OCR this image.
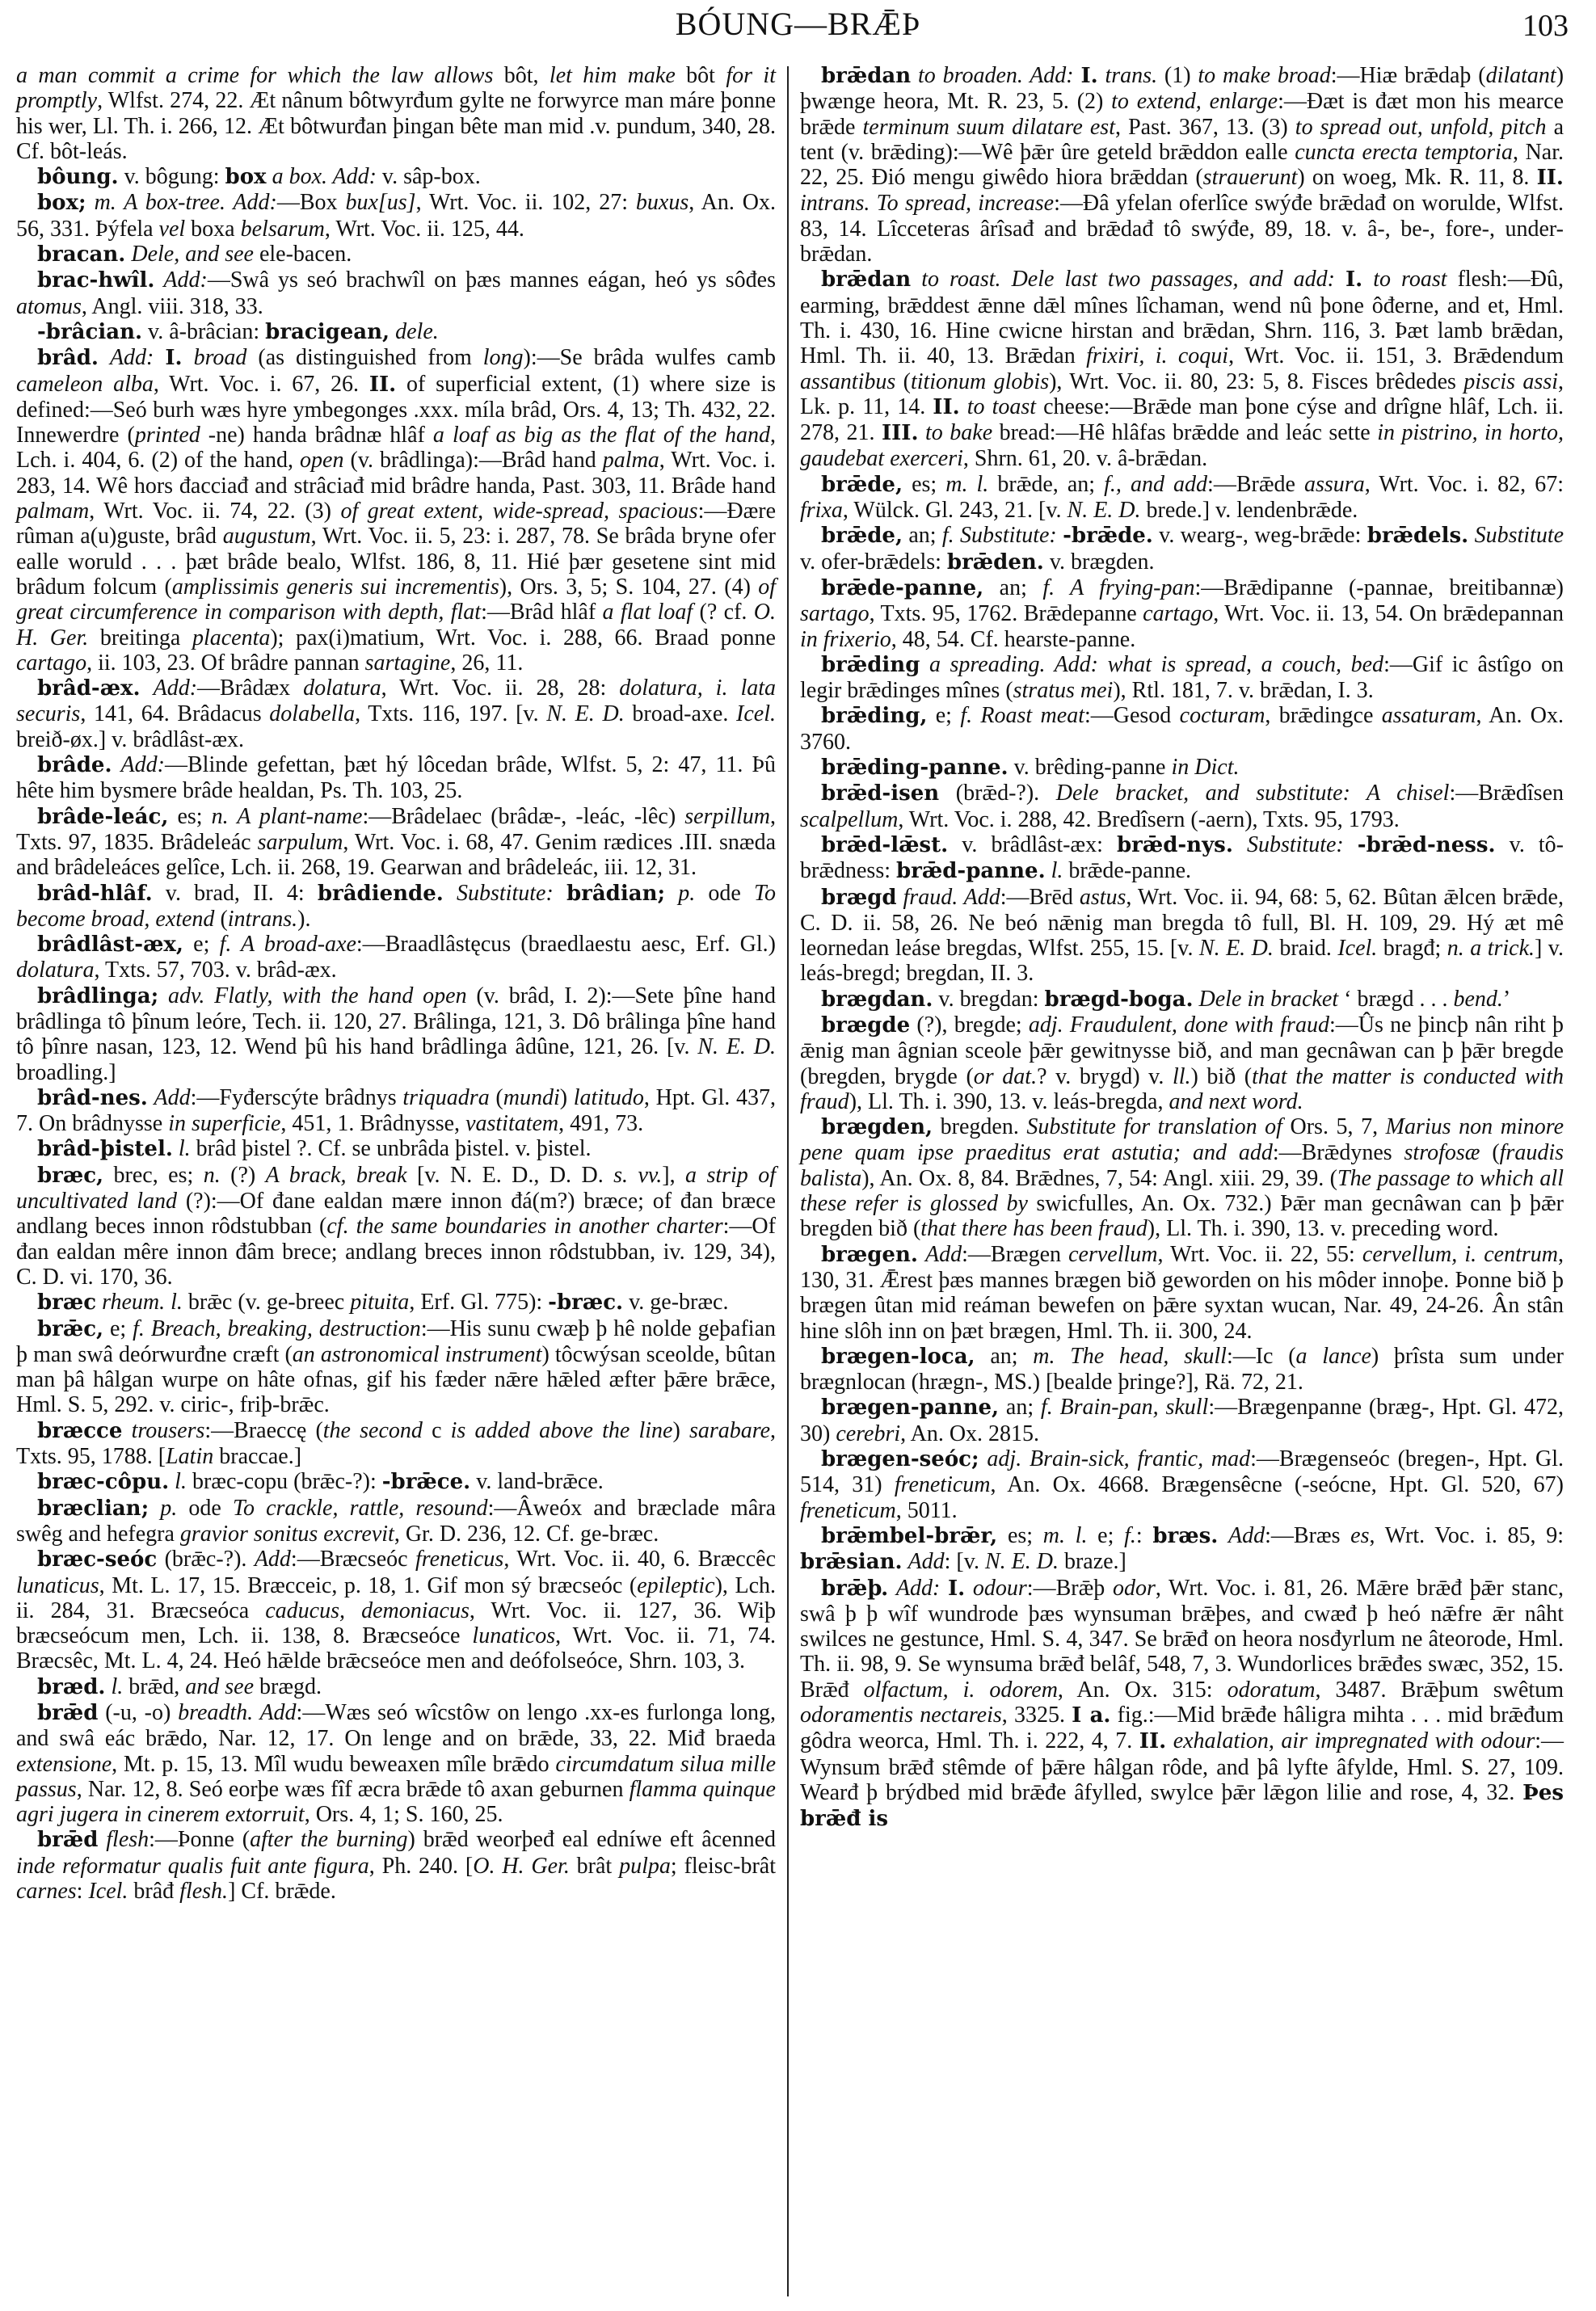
BÓUNG—BRǢÞ	103

a man commit a crime for which the law allows bôt, let him make bôt for it promptly, Wlfst. 274, 22. Æt nânum bôtwyrđum gylte ne forwyrce man máre þonne his wer, Ll. Th. i. 266, 12. Æt bôtwurđan þingan bête man mid .v. pundum, 340, 28. Cf. bôt-leás.

bôung. v. bôgung: box a box. Add: v. sâp-box.

box; m. A box-tree. Add:—Box bux[us], Wrt. Voc. ii. 102, 27: buxus, An. Ox. 56, 331. Þýfela vel boxa belsarum, Wrt. Voc. ii. 125, 44.

bracan. Dele, and see ele-bacen.

brac-hwîl. Add:—Swâ ys seó brachwîl on þæs mannes eágan, heó ys sôđes atomus, Angl. viii. 318, 33.

-brâcian. v. â-brâcian: bracigean, dele.

brâd. Add: I. broad (as distinguished from long):—Se brâda wulfes camb cameleon alba, Wrt. Voc. i. 67, 26. II. of superficial extent, (1) where size is defined:—Seó burh wæs hyre ymbegonges .xxx. míla brâd, Ors. 4, 13; Th. 432, 22. Innewerdre (printed -ne) handa brâdnæ hlâf a loaf as big as the flat of the hand, Lch. i. 404, 6. (2) of the hand, open (v. brâdlinga):—Brâd hand palma, Wrt. Voc. i. 283, 14. Wê hors đacciađ and strâciađ mid brâdre handa, Past. 303, 11. Brâde hand palmam, Wrt. Voc. ii. 74, 22. (3) of great extent, wide-spread, spacious:—Đære rûman a(u)guste, brâd augustum, Wrt. Voc. ii. 5, 23: i. 287, 78. Se brâda bryne ofer ealle woruld . . . þæt brâde bealo, Wlfst. 186, 8, 11. Hié þær gesetene sint mid brâdum folcum (amplissimis generis sui incrementis), Ors. 3, 5; S. 104, 27. (4) of great circumference in comparison with depth, flat:—Brâd hlâf a flat loaf (? cf. O. H. Ger. breitinga placenta); pax(i)matium, Wrt. Voc. i. 288, 66. Braad ponne cartago, ii. 103, 23. Of brâdre pannan sartagine, 26, 11.

brâd-æx. Add:—Brâdæx dolatura, Wrt. Voc. ii. 28, 28: dolatura, i. lata securis, 141, 64. Brâdacus dolabella, Txts. 116, 197. [v. N. E. D. broad-axe. Icel. breið-øx.] v. brâdlâst-æx.

brâde. Add:—Blinde gefettan, þæt hý lôcedan brâde, Wlfst. 5, 2: 47, 11. Þû hête him bysmere brâde healdan, Ps. Th. 103, 25.

brâde-leác, es; n. A plant-name:—Brâdelaec (brâdæ-, -leác, -lêc) serpillum, Txts. 97, 1835. Brâdeleác sarpulum, Wrt. Voc. i. 68, 47. Genim rædices .III. snæda and brâdeleáces gelîce, Lch. ii. 268, 19. Gearwan and brâdeleác, iii. 12, 31.

brâd-hlâf. v. brad, II. 4: brâdiende. Substitute: brâdian; p. ode To become broad, extend (intrans.).

brâdlâst-æx, e; f. A broad-axe:—Braadlâstęcus (braedlaestu aesc, Erf. Gl.) dolatura, Txts. 57, 703. v. brâd-æx.

brâdlinga; adv. Flatly, with the hand open (v. brâd, I. 2):—Sete þîne hand brâdlinga tô þînum leóre, Tech. ii. 120, 27. Brâlinga, 121, 3. Dô brâlinga þîne hand tô þînre nasan, 123, 12. Wend þû his hand brâdlinga âdûne, 121, 26. [v. N. E. D. broadling.]

brâd-nes. Add:—Fyđerscýte brâdnys triquadra (mundi) latitudo, Hpt. Gl. 437, 7. On brâdnysse in superficie, 451, 1. Brâdnysse, vastitatem, 491, 73.

brâd-þistel. l. brâd þistel ?. Cf. se unbrâda þistel. v. þistel.

bræc, brec, es; n. (?) A brack, break [v. N. E. D., D. D. s. vv.], a strip of uncultivated land (?):—Of đane ealdan mære innon đá(m?) bræce; of đan bræce andlang beces innon rôdstubban (cf. the same boundaries in another charter:—Of đan ealdan mêre innon đâm brece; andlang breces innon rôdstubban, iv. 129, 34), C. D. vi. 170, 36.

bræc rheum. l. brǣc (v. ge-breec pituita, Erf. Gl. 775): -bræc. v. ge-bræc.

brǣc, e; f. Breach, breaking, destruction:—His sunu cwæþ þ hê nolde geþafian þ man swâ deórwurđne cræft (an astronomical instrument) tôcwýsan sceolde, bûtan man þâ hâlgan wurpe on hâte ofnas, gif his fæder nǣre hǣled æfter þǣre brǣce, Hml. S. 5, 292. v. ciric-, friþ-brǣc.

bræcce trousers:—Braeccę (the second c is added above the line) sarabare, Txts. 95, 1788. [Latin braccae.]

bræc-côpu. l. bræc-copu (brǣc-?): -brǣce. v. land-brǣce.

bræclian; p. ode To crackle, rattle, resound:—Âweóx and bræclade mâra swêg and hefegra gravior sonitus excrevit, Gr. D. 236, 12. Cf. ge-bræc.

bræc-seóc (brǣc-?). Add:—Bræcseóc freneticus, Wrt. Voc. ii. 40, 6. Bræccêc lunaticus, Mt. L. 17, 15. Bræcceic, p. 18, 1. Gif mon sý bræcseóc (epileptic), Lch. ii. 284, 31. Bræcseóca caducus, demoniacus, Wrt. Voc. ii. 127, 36. Wiþ bræcseócum men, Lch. ii. 138, 8. Bræcseóce lunaticos, Wrt. Voc. ii. 71, 74. Bræcsêc, Mt. L. 4, 24. Heó hǣlde brǣcseóce men and deófolseóce, Shrn. 103, 3.

bræd. l. brǣd, and see brægd.

brǣd (-u, -o) breadth. Add:—Wæs seó wîcstôw on lengo .xx-es furlonga long, and swâ eác brǣdo, Nar. 12, 17. On lenge and on brǣde, 33, 22. Miđ braeda extensione, Mt. p. 15, 13. Mîl wudu beweaxen mîle brǣdo circumdatum silua mille passus, Nar. 12, 8. Seó eorþe wæs fîf æcra brǣde tô axan geburnen flamma quinque agri jugera in cinerem extorruit, Ors. 4, 1; S. 160, 25.

brǣd flesh:—Þonne (after the burning) brǣd weorþeđ eal edníwe eft âcenned inde reformatur qualis fuit ante figura, Ph. 240. [O. H. Ger. brât pulpa; fleisc-brât carnes: Icel. brâđ flesh.] Cf. brǣde.

brǣdan to broaden. Add: I. trans. (1) to make broad:—Hiæ brǣdaþ (dilatant) þwænge heora, Mt. R. 23, 5. (2) to extend, enlarge:—Đæt is đæt mon his mearce brǣde terminum suum dilatare est, Past. 367, 13. (3) to spread out, unfold, pitch a tent (v. brǣding):—Wê þǣr ûre geteld brǣddon ealle cuncta erecta temptoria, Nar. 22, 25. Đió mengu giwêdo hiora brǣddan (strauerunt) on woeg, Mk. R. 11, 8. II. intrans. To spread, increase:—Đâ yfelan oferlîce swýđe brǣdađ on worulde, Wlfst. 83, 14. Lîcceteras ârîsađ and brǣdađ tô swýđe, 89, 18. v. â-, be-, fore-, under-brǣdan.

brǣdan to roast. Dele last two passages, and add: I. to roast flesh:—Đû, earming, brǣddest ǣnne dǣl mînes lîchaman, wend nû þone ôđerne, and et, Hml. Th. i. 430, 16. Hine cwicne hirstan and brǣdan, Shrn. 116, 3. Þæt lamb brǣdan, Hml. Th. ii. 40, 13. Brǣdan frixiri, i. coqui, Wrt. Voc. ii. 151, 3. Brǣdendum assantibus (titionum globis), Wrt. Voc. ii. 80, 23: 5, 8. Fisces brêdedes piscis assi, Lk. p. 11, 14. II. to toast cheese:—Brǣde man þone cýse and drîgne hlâf, Lch. ii. 278, 21. III. to bake bread:—Hê hlâfas brǣdde and leác sette in pistrino, in horto, gaudebat exerceri, Shrn. 61, 20. v. â-brǣdan.

brǣde, es; m. l. brǣde, an; f., and add:—Brǣde assura, Wrt. Voc. i. 82, 67: frixa, Wülck. Gl. 243, 21. [v. N. E. D. brede.] v. lendenbrǣde.

brǣde, an; f. Substitute: -brǣde. v. wearg-, weg-brǣde: brǣdels. Substitute v. ofer-brǣdels: brǣden. v. brægden.

brǣde-panne, an; f. A frying-pan:—Brǣdipanne (-pannae, breitibannæ) sartago, Txts. 95, 1762. Brǣdepanne cartago, Wrt. Voc. ii. 13, 54. On brǣdepannan in frixerio, 48, 54. Cf. hearste-panne.

brǣding a spreading. Add: what is spread, a couch, bed:—Gif ic âstîgo on legir brǣdinges mînes (stratus mei), Rtl. 181, 7. v. brǣdan, I. 3.

brǣding, e; f. Roast meat:—Gesod cocturam, brǣdingce assaturam, An. Ox. 3760.

brǣding-panne. v. brêding-panne in Dict.

brǣd-isen (brǣd-?). Dele bracket, and substitute: A chisel:—Brǣdîsen scalpellum, Wrt. Voc. i. 288, 42. Bredîsern (-aern), Txts. 95, 1793.

brǣd-lǣst. v. brâdlâst-æx: brǣd-nys. Substitute: -brǣd-ness. v. tô-brǣdness: brǣd-panne. l. brǣde-panne.

brægd fraud. Add:—Brēd astus, Wrt. Voc. ii. 94, 68: 5, 62. Bûtan ǣlcen brǣde, C. D. ii. 58, 26. Ne beó nǣnig man bregda tô full, Bl. H. 109, 29. Hý æt mê leornedan leáse bregdas, Wlfst. 255, 15. [v. N. E. D. braid. Icel. bragđ; n. a trick.] v. leás-bregd; bregdan, II. 3.

brægdan. v. bregdan: brægd-boga. Dele in bracket ‘ brægd . . . bend.’

brægde (?), bregde; adj. Fraudulent, done with fraud:—Ûs ne þincþ nân riht þ ǣnig man âgnian sceole þǣr gewitnysse bið, and man gecnâwan can þ þǣr bregde (bregden, brygde (or dat.? v. brygd) v. ll.) bið (that the matter is conducted with fraud), Ll. Th. i. 390, 13. v. leás-bregda, and next word.

brægden, bregden. Substitute for translation of Ors. 5, 7, Marius non minore pene quam ipse praeditus erat astutia; and add:—Brǣdynes strofosæ (fraudis balista), An. Ox. 8, 84. Brǣdnes, 7, 54: Angl. xiii. 29, 39. (The passage to which all these refer is glossed by swicfulles, An. Ox. 732.) Þǣr man gecnâwan can þ þǣr bregden bið (that there has been fraud), Ll. Th. i. 390, 13. v. preceding word.

brægen. Add:—Brægen cervellum, Wrt. Voc. ii. 22, 55: cervellum, i. centrum, 130, 31. Ǣrest þæs mannes brægen bið geworden on his môder innoþe. Þonne bið þ brægen ûtan mid reáman bewefen on þǣre syxtan wucan, Nar. 49, 24-26. Ân stân hine slôh inn on þæt brægen, Hml. Th. ii. 300, 24.

brægen-loca, an; m. The head, skull:—Ic (a lance) þrîsta sum under brægnlocan (hrægn-, MS.) [bealde þringe?], Rä. 72, 21.

brægen-panne, an; f. Brain-pan, skull:—Brægenpanne (bræg-, Hpt. Gl. 472, 30) cerebri, An. Ox. 2815.

brægen-seóc; adj. Brain-sick, frantic, mad:—Brægenseóc (bregen-, Hpt. Gl. 514, 31) freneticum, An. Ox. 4668. Brægensêcne (-seócne, Hpt. Gl. 520, 67) freneticum, 5011.

brǣmbel-brǣr, es; m. l. e; f.: bræs. Add:—Bræs es, Wrt. Voc. i. 85, 9: brǣsian. Add: [v. N. E. D. braze.]

brǣþ. Add: I. odour:—Brǣþ odor, Wrt. Voc. i. 81, 26. Mǣre brǣđ þǣr stanc, swâ þ þ wîf wundrode þæs wynsuman brǣþes, and cwæđ þ heó nǣfre ǣr nâht swilces ne gestunce, Hml. S. 4, 347. Se brǣđ on heora nosđyrlum ne âteorode, Hml. Th. ii. 98, 9. Se wynsuma brǣđ belâf, 548, 7, 3. Wundorlices brǣđes swæc, 352, 15. Brǣđ olfactum, i. odorem, An. Ox. 315: odoratum, 3487. Brǣþum swêtum odoramentis nectareis, 3325. I a. fig.:—Mid brǣđe hâligra mihta . . . mid brǣđum gôdra weorca, Hml. Th. i. 222, 4, 7. II. exhalation, air impregnated with odour:—Wynsum brǣđ stêmde of þǣre hâlgan rôde, and þâ lyfte âfylde, Hml. S. 27, 109. Wearđ þ brýdbed mid brǣđe âfylled, swylce þǣr lǣgon lilie and rose, 4, 32. Þes brǣđ is
